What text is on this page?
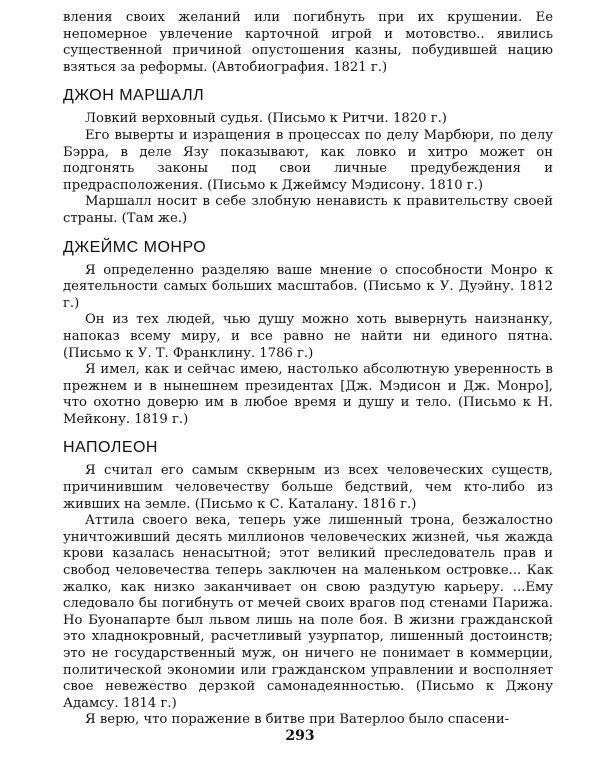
вления своих желаний или погибнуть при их крушении. Ее непомерное увлечение карточной игрой и мотовство.. явились существенной причиной опустошения казны, побудившей нацию взяться за реформы. (Автобиография. 1821 г.)

ДЖОН МАРШАЛЛ

Ловкий верховный судья. (Письмо к Ритчи. 1820 г.)

Его выверты и изращения в процессах по делу Марбюри, по делу Бэрра, в деле Язу показывают, как ловко и хитро может он подгонять законы под свои личные предубеждения и предрасположения. (Письмо к Джеймсу Мэдисону. 1810 г.)

Маршалл носит в себе злобную ненависть к правительству своей страны. (Там же.)

ДЖЕЙМС МОНРО

Я определенно разделяю ваше мнение о способности Монро к деятельности самых больших масштабов. (Письмо к У. Дуэйну. 1812 г.)

Он из тех людей, чью душу можно хоть вывернуть наизнанку, напоказ всему миру, и все равно не найти ни единого пятна. (Письмо к У. Т. Франклину. 1786 г.)

Я имел, как и сейчас имею, настолько абсолютную уверенность в прежнем и в нынешнем президентах [Дж. Мэдисон и Дж. Монро], что охотно доверю им в любое время и душу и тело. (Письмо к Н. Мейкону. 1819 г.)

НАПОЛЕОН

Я считал его самым скверным из всех человеческих существ, причинившим человечеству больше бедствий, чем кто-либо из живших на земле. (Письмо к С. Каталану. 1816 г.)

Аттила своего века, теперь уже лишенный трона, безжалостно уничтоживший десять миллионов человеческих жизней, чья жажда крови казалась ненасытной; этот великий преследователь прав и свобод человечества теперь заключен на маленьком островке... Как жалко, как низко заканчивает он свою раздутую карьеру. ...Ему следовало бы погибнуть от мечей своих врагов под стенами Парижа. Но Буонапарте был львом лишь на поле боя. В жизни гражданской это хладнокровный, расчетливый узурпатор, лишенный достоинств; это не государственный муж, он ничего не понимает в коммерции, политической экономии или гражданском управлении и восполняет свое невежество дерзкой самонадеянностью. (Письмо к Джону Адамсу. 1814 г.)

Я верю, что поражение в битве при Ватерлоо было спасени-

293
